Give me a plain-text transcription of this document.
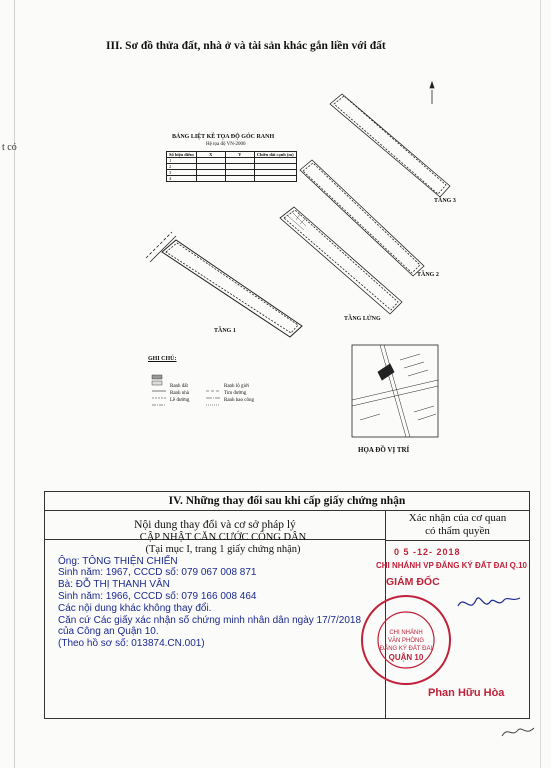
t có
III. Sơ đồ thửa đất, nhà ở và tài sản khác gắn liền với đất
BẢNG LIỆT KÊ TỌA ĐỘ GÓC RANH
Hệ tọa độ VN-2000
Số hiệu điểm	X	Y	Chiều dài cạnh (m)
1			
2			
3			
4			
TẦNG 3
TẦNG 2
TẦNG LỬNG
TẦNG 1
GHI CHÚ:
Ranh đất	Ranh lộ giới
Ranh nhà	Tim đường
Lề đường	Ranh bao công
HỌA ĐỒ VỊ TRÍ
IV. Những thay đổi sau khi cấp giấy chứng nhận
Nội dung thay đổi và cơ sở pháp lý
Xác nhận của cơ quan
có thẩm quyền
CẬP NHẬT CĂN CƯỚC CÔNG DÂN
(Tại mục I, trang 1 giấy chứng nhận)
Ông: TÔNG THIỆN CHIẾN
Sinh năm: 1967, CCCD số: 079 067 008 871
Bà: ĐỖ THỊ THANH VÂN
Sinh năm: 1966, CCCD số: 079 166 008 464
Các nội dung khác không thay đổi.
Căn cứ Các giấy xác nhận số chứng minh nhân dân ngày 17/7/2018
của Công an Quận 10.
(Theo hồ sơ số: 013874.CN.001)
0 5 -12- 2018
CHI NHÁNH VP ĐĂNG KÝ ĐẤT ĐAI Q.10
GIÁM ĐỐC
CHI NHÁNH
VĂN PHÒNG
ĐĂNG KÝ ĐẤT ĐAI
QUẬN 10
Phan Hữu Hòa
